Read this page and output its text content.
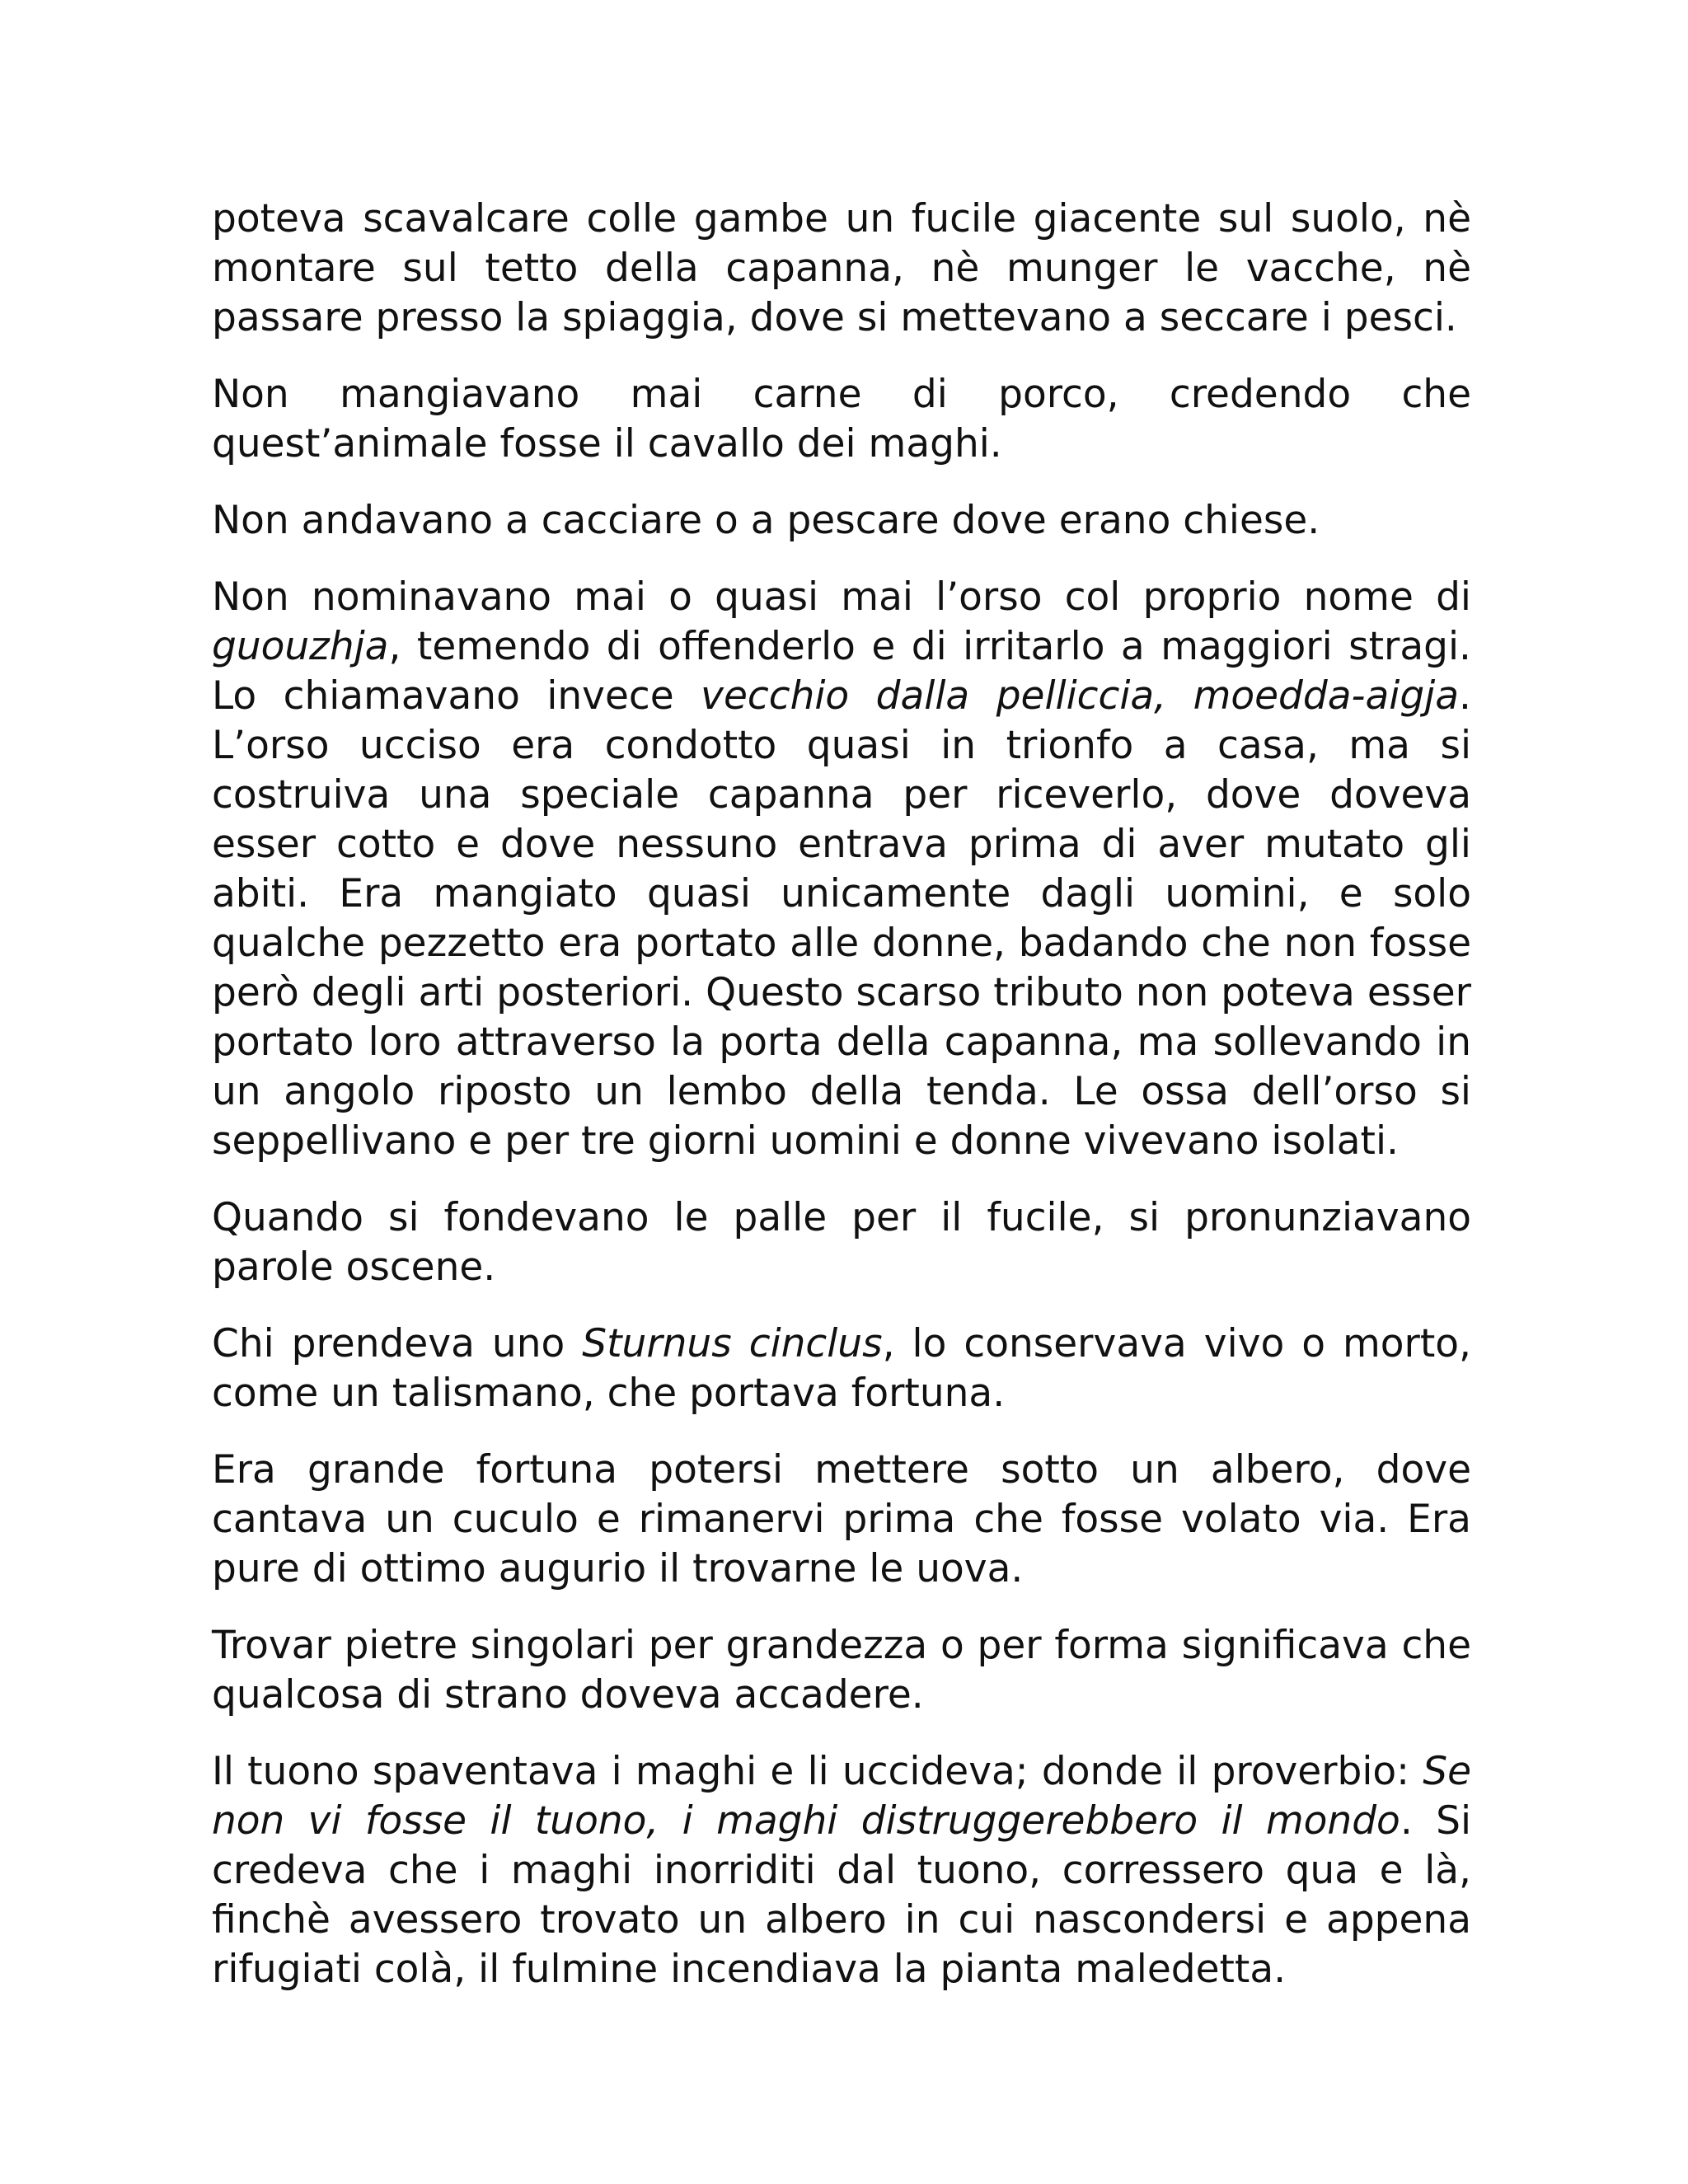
poteva scavalcare colle gambe un fucile giacente sul suolo, nè montare sul tetto della capanna, nè munger le vacche, nè passare presso la spiaggia, dove si mettevano a seccare i pesci.

Non mangiavano mai carne di porco, credendo che quest’animale fosse il cavallo dei maghi.

Non andavano a cacciare o a pescare dove erano chiese.

Non nominavano mai o quasi mai l’orso col proprio nome di guouzhja, temendo di offenderlo e di irritarlo a maggiori stragi. Lo chiamavano invece vecchio dalla pelliccia, moedda-aigja. L’orso ucciso era condotto quasi in trionfo a casa, ma si costruiva una speciale capanna per riceverlo, dove doveva esser cotto e dove nessuno entrava prima di aver mutato gli abiti. Era mangiato quasi unicamente dagli uomini, e solo qualche pezzetto era portato alle donne, badando che non fosse però degli arti posteriori. Questo scarso tributo non poteva esser portato loro attraverso la porta della capanna, ma sollevando in un angolo riposto un lembo della tenda. Le ossa dell’orso si seppellivano e per tre giorni uomini e donne vivevano isolati.

Quando si fondevano le palle per il fucile, si pronunziavano parole oscene.

Chi prendeva uno Sturnus cinclus, lo conservava vivo o morto, come un talismano, che portava fortuna.

Era grande fortuna potersi mettere sotto un albero, dove cantava un cuculo e rimanervi prima che fosse volato via. Era pure di ottimo augurio il trovarne le uova.

Trovar pietre singolari per grandezza o per forma significava che qualcosa di strano doveva accadere.

Il tuono spaventava i maghi e li uccideva; donde il proverbio: Se non vi fosse il tuono, i maghi distruggerebbero il mondo. Si credeva che i maghi inorriditi dal tuono, corressero qua e là, finchè avessero trovato un albero in cui nascondersi e appena rifugiati colà, il fulmine incendiava la pianta maledetta.
